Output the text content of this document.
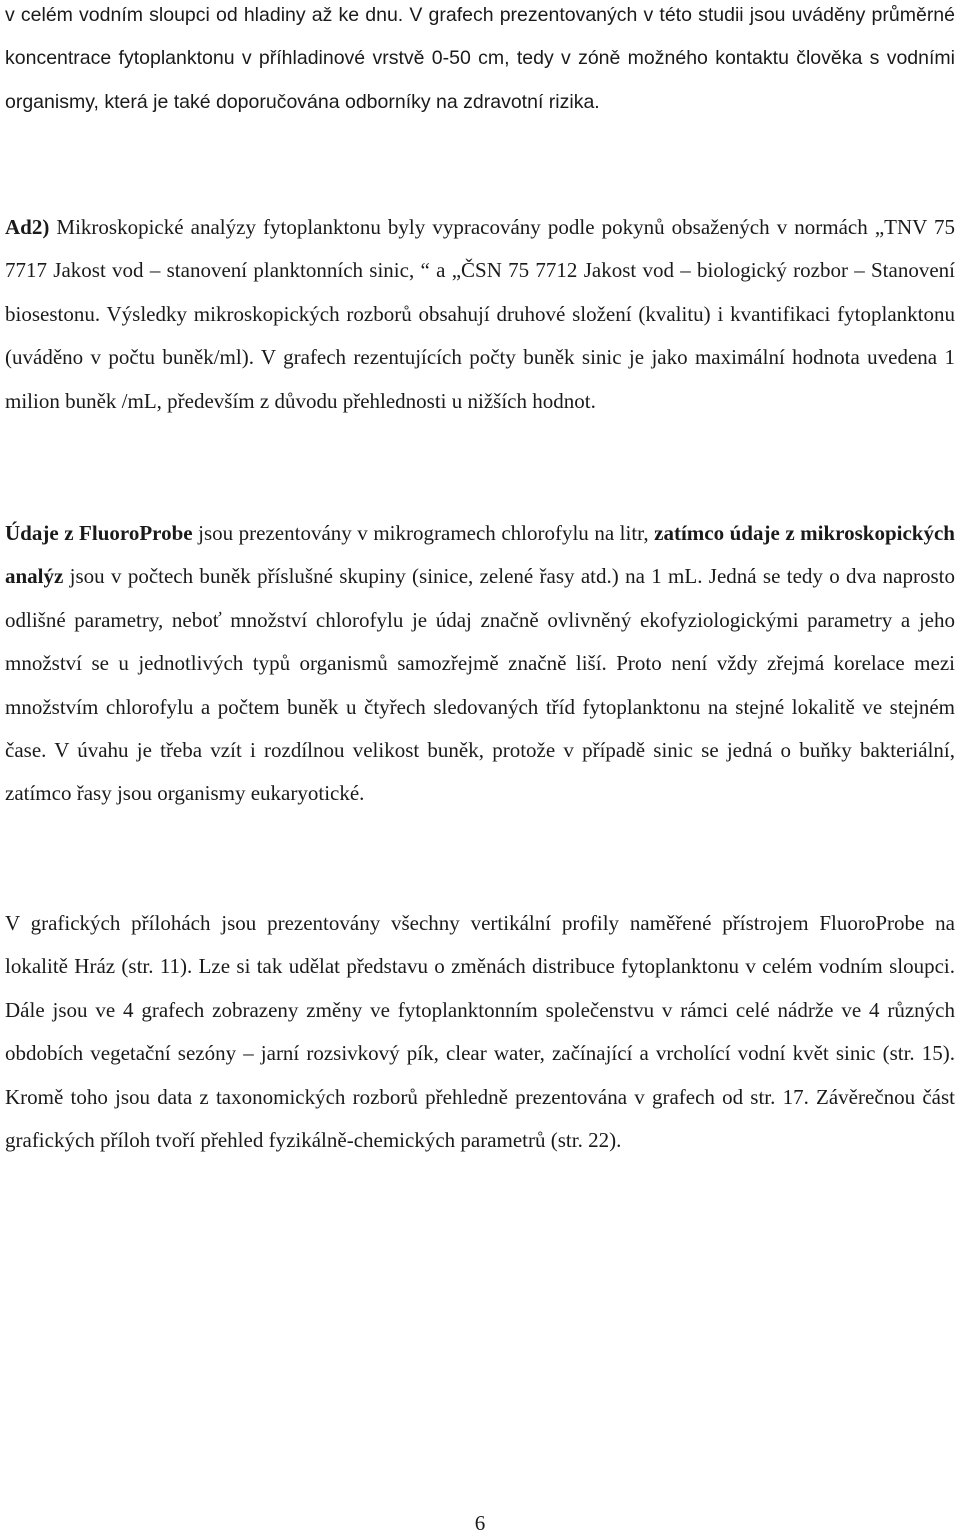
v celém vodním sloupci od hladiny až ke dnu. V grafech prezentovaných v této studii jsou uváděny průměrné koncentrace fytoplanktonu v příhladinové vrstvě 0-50 cm, tedy v zóně možného kontaktu člověka s vodními organismy, která je také doporučována odborníky na zdravotní rizika.

Ad2) Mikroskopické analýzy fytoplanktonu byly vypracovány podle pokynů obsažených v normách „TNV 75 7717 Jakost vod – stanovení planktonních sinic, “ a „ČSN 75 7712 Jakost vod – biologický rozbor – Stanovení biosestonu. Výsledky mikroskopických rozborů obsahují druhové složení (kvalitu) i kvantifikaci fytoplanktonu (uváděno v počtu buněk/ml). V grafech rezentujících počty buněk sinic je jako maximální hodnota uvedena 1 milion buněk /mL, především z důvodu přehlednosti u nižších hodnot.

Údaje z FluoroProbe jsou prezentovány v mikrogramech chlorofylu na litr, zatímco údaje z mikroskopických analýz jsou v počtech buněk příslušné skupiny (sinice, zelené řasy atd.) na 1 mL. Jedná se tedy o dva naprosto odlišné parametry, neboť množství chlorofylu je údaj značně ovlivněný ekofyziologickými parametry a jeho množství se u jednotlivých typů organismů samozřejmě značně liší. Proto není vždy zřejmá korelace mezi množstvím chlorofylu a počtem buněk u čtyřech sledovaných tříd fytoplanktonu na stejné lokalitě ve stejném čase. V úvahu je třeba vzít i rozdílnou velikost buněk, protože v případě sinic se jedná o buňky bakteriální, zatímco řasy jsou organismy eukaryotické.

V grafických přílohách jsou prezentovány všechny vertikální profily naměřené přístrojem FluoroProbe na lokalitě Hráz (str. 11). Lze si tak udělat představu o změnách distribuce fytoplanktonu v celém vodním sloupci. Dále jsou ve 4 grafech zobrazeny změny ve fytoplanktonním společenstvu v rámci celé nádrže ve 4 různých obdobích vegetační sezóny – jarní rozsivkový pík, clear water, začínající a vrcholící vodní květ sinic (str. 15). Kromě toho jsou data z taxonomických rozborů přehledně prezentována v grafech od str. 17. Závěrečnou část grafických příloh tvoří přehled fyzikálně-chemických parametrů (str. 22).

6
